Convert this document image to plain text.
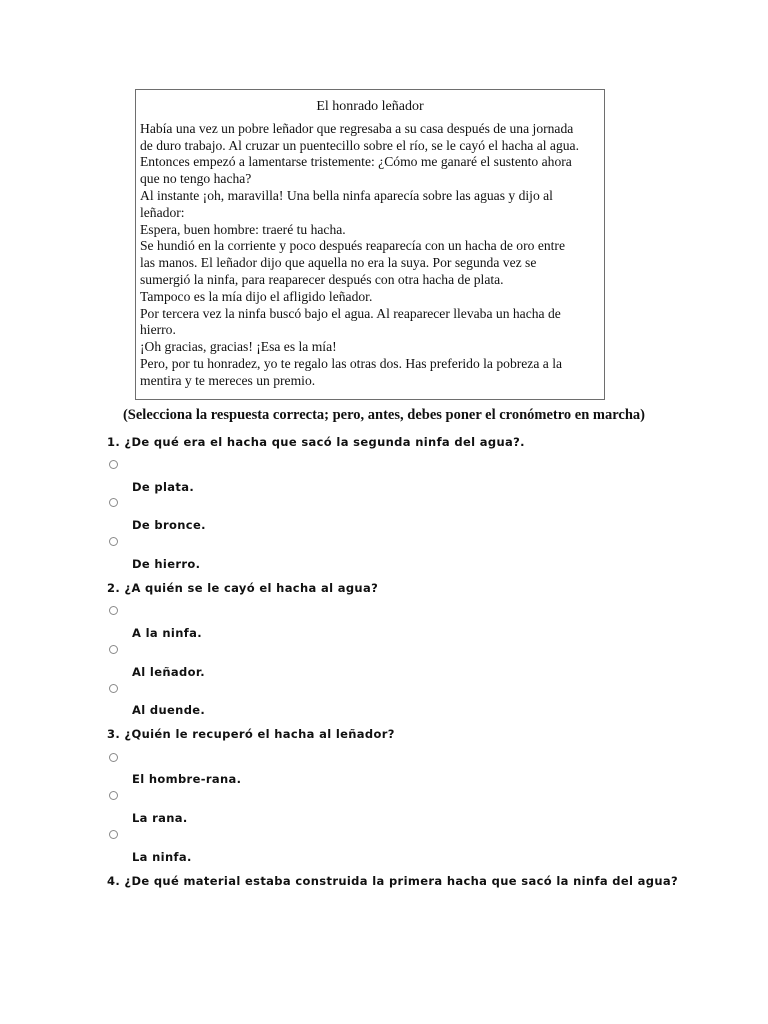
El honrado leñador

Había una vez un pobre leñador que regresaba a su casa después de una jornada

de duro trabajo. Al cruzar un puentecillo sobre el río, se le cayó el hacha al agua.

Entonces empezó a lamentarse tristemente: ¿Cómo me ganaré el sustento ahora

que no tengo hacha?

Al instante ¡oh, maravilla! Una bella ninfa aparecía sobre las aguas y dijo al

leñador:

Espera, buen hombre: traeré tu hacha.

Se hundió en la corriente y poco después reaparecía con un hacha de oro entre

las manos. El leñador dijo que aquella no era la suya. Por segunda vez se

sumergió la ninfa, para reaparecer después con otra hacha de plata.

Tampoco es la mía dijo el afligido leñador.

Por tercera vez la ninfa buscó bajo el agua. Al reaparecer llevaba un hacha de

hierro.

¡Oh gracias, gracias! ¡Esa es la mía!

Pero, por tu honradez, yo te regalo las otras dos. Has preferido la pobreza a la

mentira y te mereces un premio.

(Selecciona la respuesta correcta; pero, antes, debes poner el cronómetro en marcha)
1. ¿De qué era el hacha que sacó la segunda ninfa del agua?.
De plata.
De bronce.
De hierro.
2. ¿A quién se le cayó el hacha al agua?
A la ninfa.
Al leñador.
Al duende.
3. ¿Quién le recuperó el hacha al leñador?
El hombre-rana.
La rana.
La ninfa.
4. ¿De qué material estaba construida la primera hacha que sacó la ninfa del agua?
